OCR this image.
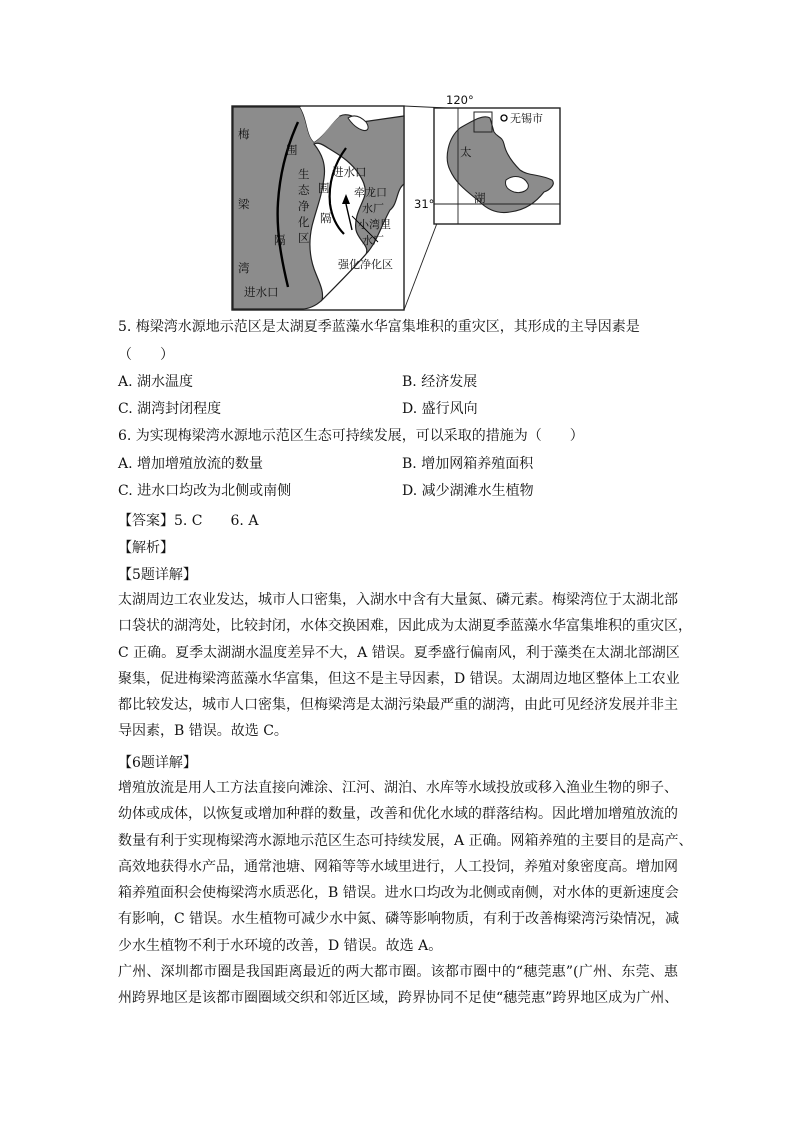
梅
梁
湾
围
隔
进水口
生
态
净
化
区
进水口
围
隔
牵龙口
水厂
小湾里
水厂
强化净化区
120°
31°
无锡市
太
湖
5. 梅梁湾水源地示范区是太湖夏季蓝藻水华富集堆积的重灾区，其形成的主导因素是
（　　）
A. 湖水温度	B. 经济发展
C. 湖湾封闭程度	D. 盛行风向
6. 为实现梅梁湾水源地示范区生态可持续发展，可以采取的措施为（　　）
A. 增加增殖放流的数量	B. 增加网箱养殖面积
C. 进水口均改为北侧或南侧	D. 减少湖滩水生植物
【答案】5. C　　6. A
【解析】
【5题详解】
太湖周边工农业发达，城市人口密集，入湖水中含有大量氮、磷元素。梅梁湾位于太湖北部
口袋状的湖湾处，比较封闭，水体交换困难，因此成为太湖夏季蓝藻水华富集堆积的重灾区，
C 正确。夏季太湖湖水温度差异不大，A 错误。夏季盛行偏南风，利于藻类在太湖北部湖区
聚集，促进梅梁湾蓝藻水华富集，但这不是主导因素，D 错误。太湖周边地区整体上工农业
都比较发达，城市人口密集，但梅梁湾是太湖污染最严重的湖湾，由此可见经济发展并非主
导因素，B 错误。故选 C。
【6题详解】
增殖放流是用人工方法直接向滩涂、江河、湖泊、水库等水域投放或移入渔业生物的卵子、
幼体或成体，以恢复或增加种群的数量，改善和优化水域的群落结构。因此增加增殖放流的
数量有利于实现梅梁湾水源地示范区生态可持续发展，A 正确。网箱养殖的主要目的是高产、
高效地获得水产品，通常池塘、网箱等等水域里进行，人工投饲，养殖对象密度高。增加网
箱养殖面积会使梅梁湾水质恶化，B 错误。进水口均改为北侧或南侧，对水体的更新速度会
有影响，C 错误。水生植物可减少水中氮、磷等影响物质，有利于改善梅梁湾污染情况，减
少水生植物不利于水环境的改善，D 错误。故选 A。
广州、深圳都市圈是我国距离最近的两大都市圈。该都市圈中的“穗莞惠”(广州、东莞、惠
州跨界地区是该都市圈圈域交织和邻近区域，跨界协同不足使“穗莞惠”跨界地区成为广州、
